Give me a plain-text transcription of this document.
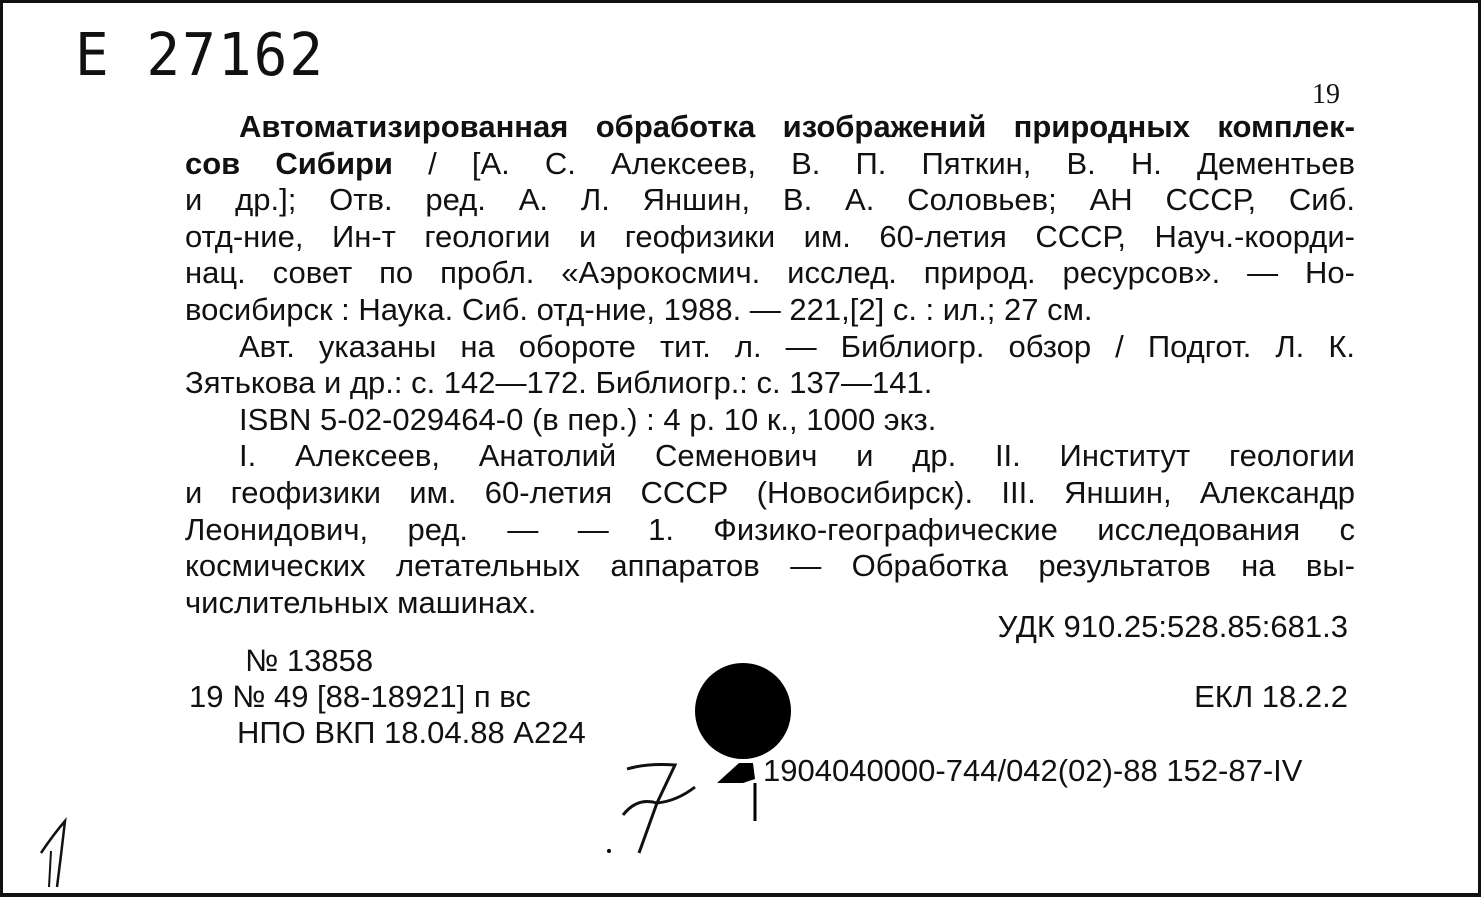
Е 27162
19
Автоматизированная обработка изображений природных комплек-
сов Сибири / [А. С. Алексеев, В. П. Пяткин, В. Н. Дементьев
и др.]; Отв. ред. А. Л. Яншин, В. А. Соловьев; АН СССР, Сиб.
отд-ние, Ин-т геологии и геофизики им. 60-летия СССР, Науч.-коорди-
нац. совет по пробл. «Аэрокосмич. исслед. природ. ресурсов». — Но-
восибирск : Наука. Сиб. отд-ние, 1988. — 221,[2] с. : ил.; 27 см.
Авт. указаны на обороте тит. л. — Библиогр. обзор / Подгот. Л. К.
Зятькова и др.: с. 142—172. Библиогр.: с. 137—141.
ISBN 5-02-029464-0 (в пер.) : 4 р. 10 к., 1000 экз.
I. Алексеев, Анатолий Семенович и др. II. Институт геологии
и геофизики им. 60-летия СССР (Новосибирск). III. Яншин, Александр
Леонидович, ред. — — 1. Физико-географические исследования с
космических летательных аппаратов — Обработка результатов на вы-
числительных машинах.
УДК 910.25:528.85:681.3
№ 13858
19 № 49 [88-18921] п вс
НПО ВКП 18.04.88 А224
ЕКЛ 18.2.2
1904040000-744/042(02)-88 152-87-IV
